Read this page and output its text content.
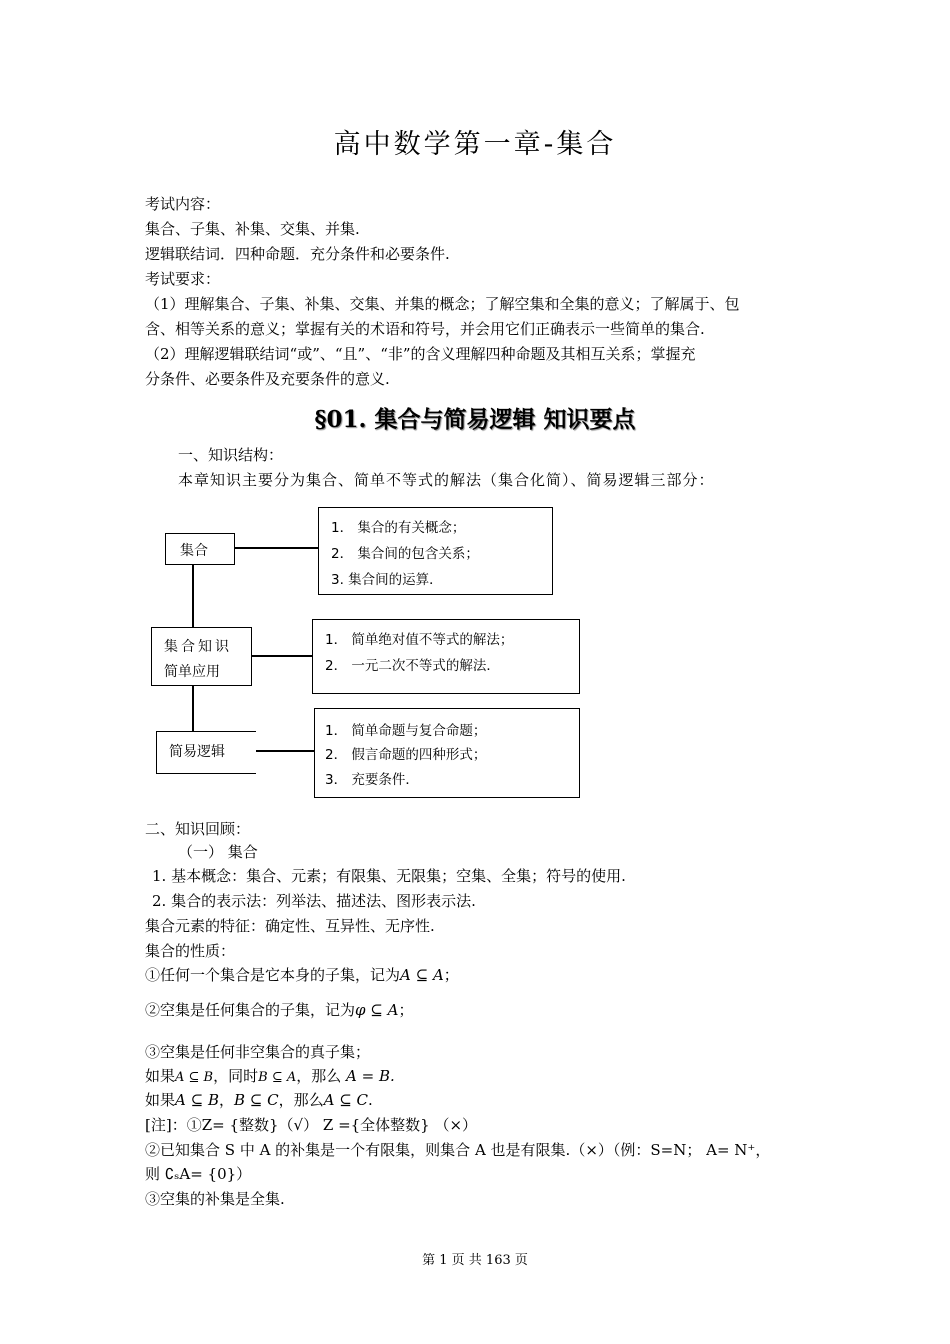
高中数学第一章-集合
考试内容：
集合、子集、补集、交集、并集.
逻辑联结词．四种命题．充分条件和必要条件.
考试要求：
（1）理解集合、子集、补集、交集、并集的概念；了解空集和全集的意义；了解属于、包
含、相等关系的意义；掌握有关的术语和符号，并会用它们正确表示一些简单的集合.
（2）理解逻辑联结词“或”、“且”、“非”的含义理解四种命题及其相互关系；掌握充
分条件、必要条件及充要条件的意义.
§01. 集合与简易逻辑 知识要点
一、知识结构：
本章知识主要分为集合、简单不等式的解法（集合化简）、简易逻辑三部分：
集合
集合知识
简单应用
简易逻辑
1． 集合的有关概念；
2． 集合间的包含关系；
3. 集合间的运算．
1． 简单绝对值不等式的解法；
2． 一元二次不等式的解法．
1． 简单命题与复合命题；
2． 假言命题的四种形式；
3． 充要条件．
二、知识回顾：
（一） 集合
1. 基本概念：集合、元素；有限集、无限集；空集、全集；符号的使用.
2. 集合的表示法：列举法、描述法、图形表示法.
集合元素的特征：确定性、互异性、无序性.
集合的性质：
①任何一个集合是它本身的子集，记为A ⊆ A；
②空集是任何集合的子集，记为φ ⊆ A；
③空集是任何非空集合的真子集；
如果A ⊆ B，同时B ⊆ A，那么 A = B.
如果A ⊆ B，B ⊆ C，那么A ⊆ C.
[注]：①Z= {整数}（√） Z ={全体整数} （×）
②已知集合 S 中 A 的补集是一个有限集，则集合 A 也是有限集.（×）（例：S=N； A= N⁺，
则 ∁ₛA= {0}）
③空集的补集是全集.
第 1 页 共 163 页
